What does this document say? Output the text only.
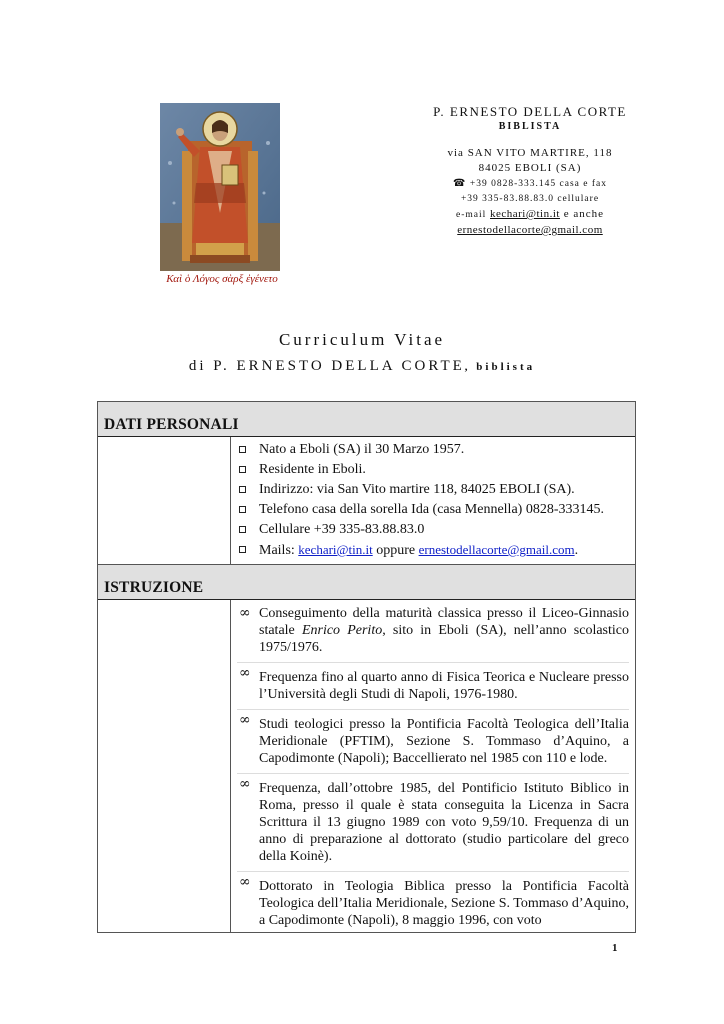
Καὶ ὁ Λόγος σὰρξ ἐγένετο
P. ERNESTO DELLA CORTE
BIBLISTA
via SAN VITO MARTIRE, 118
84025 EBOLI (SA)
☎ +39 0828-333.145 casa e fax
+39 335-83.88.83.0 cellulare
e-mail kechari@tin.it e anche
ernestodellacorte@gmail.com
Curriculum Vitae
di P. ERNESTO DELLA CORTE, biblista
DATI PERSONALI
Nato a Eboli (SA) il 30 Marzo 1957.
Residente in Eboli.
Indirizzo: via San Vito martire 118, 84025 EBOLI (SA).
Telefono casa della sorella Ida (casa Mennella) 0828-333145.
Cellulare +39 335-83.88.83.0
Mails: kechari@tin.it oppure ernestodellacorte@gmail.com.
ISTRUZIONE
∞ Conseguimento della maturità classica presso il Liceo-Ginnasio statale Enrico Perito, sito in Eboli (SA), nell’anno scolastico 1975/1976.
∞ Frequenza fino al quarto anno di Fisica Teorica e Nucleare presso l’Università degli Studi di Napoli, 1976-1980.
∞ Studi teologici presso la Pontificia Facoltà Teologica dell’Italia Meridionale (PFTIM), Sezione S. Tommaso d’Aquino, a Capodimonte (Napoli); Baccellierato nel 1985 con 110 e lode.
∞ Frequenza, dall’ottobre 1985, del Pontificio Istituto Biblico in Roma, presso il quale è stata conseguita la Licenza in Sacra Scrittura il 13 giugno 1989 con voto 9,59/10. Frequenza di un anno di preparazione al dottorato (studio particolare del greco della Koinè).
∞ Dottorato in Teologia Biblica presso la Pontificia Facoltà Teologica dell’Italia Meridionale, Sezione S. Tommaso d’Aquino, a Capodimonte (Napoli), 8 maggio 1996, con voto
1
